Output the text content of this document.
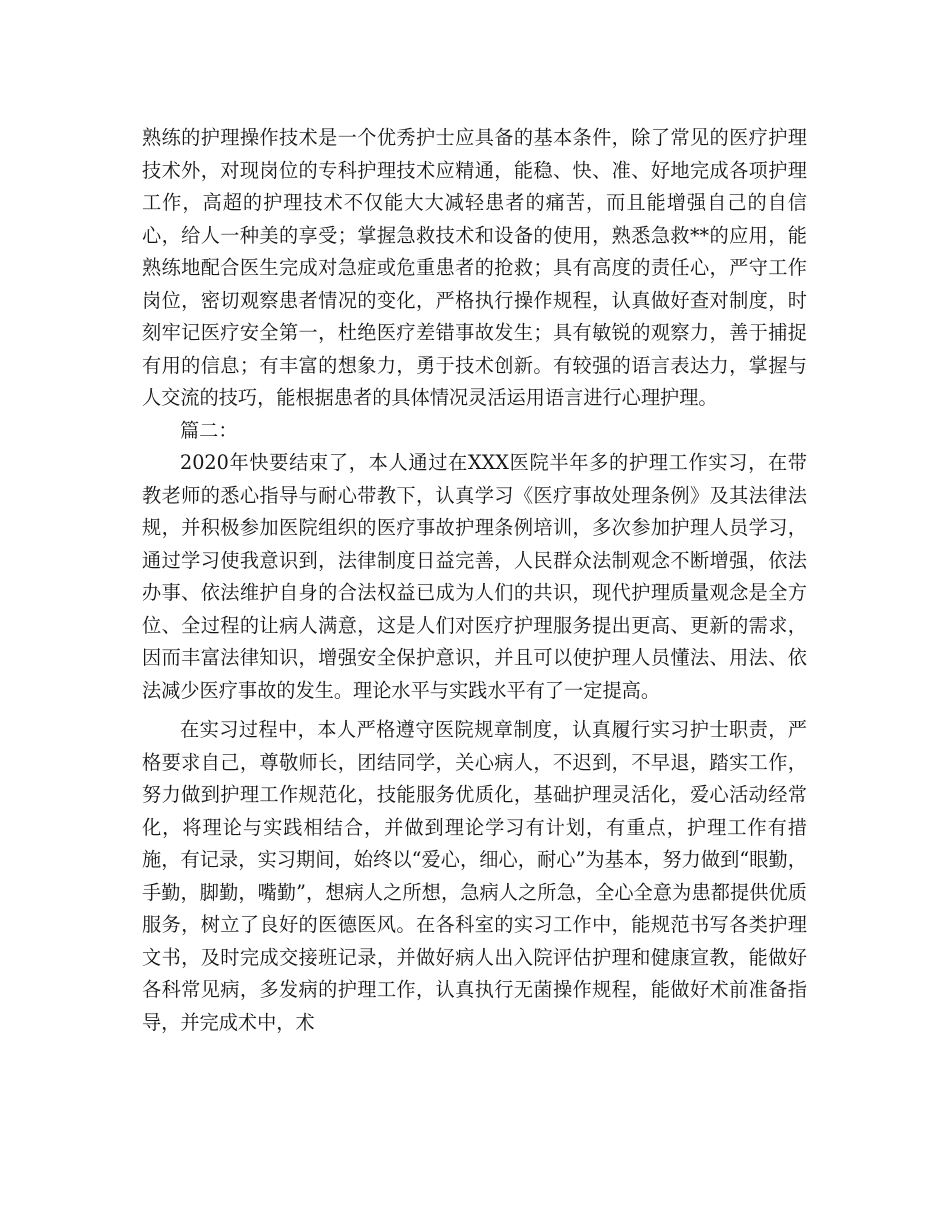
熟练的护理操作技术是一个优秀护士应具备的基本条件，除了常见的医疗护理技术外，对现岗位的专科护理技术应精通，能稳、快、准、好地完成各项护理工作，高超的护理技术不仅能大大减轻患者的痛苦，而且能增强自己的自信心，给人一种美的享受；掌握急救技术和设备的使用，熟悉急救**的应用，能熟练地配合医生完成对急症或危重患者的抢救；具有高度的责任心，严守工作岗位，密切观察患者情况的变化，严格执行操作规程，认真做好查对制度，时刻牢记医疗安全第一，杜绝医疗差错事故发生；具有敏锐的观察力，善于捕捉有用的信息；有丰富的想象力，勇于技术创新。有较强的语言表达力，掌握与人交流的技巧，能根据患者的具体情况灵活运用语言进行心理护理。

篇二：

2020年快要结束了，本人通过在XXX医院半年多的护理工作实习，在带教老师的悉心指导与耐心带教下，认真学习《医疗事故处理条例》及其法律法规，并积极参加医院组织的医疗事故护理条例培训，多次参加护理人员学习，通过学习使我意识到，法律制度日益完善，人民群众法制观念不断增强，依法办事、依法维护自身的合法权益已成为人们的共识，现代护理质量观念是全方位、全过程的让病人满意，这是人们对医疗护理服务提出更高、更新的需求，因而丰富法律知识，增强安全保护意识，并且可以使护理人员懂法、用法、依法减少医疗事故的发生。理论水平与实践水平有了一定提高。

在实习过程中，本人严格遵守医院规章制度，认真履行实习护士职责，严格要求自己，尊敬师长，团结同学，关心病人，不迟到，不早退，踏实工作，努力做到护理工作规范化，技能服务优质化，基础护理灵活化，爱心活动经常化，将理论与实践相结合，并做到理论学习有计划，有重点，护理工作有措施，有记录，实习期间，始终以“爱心，细心，耐心”为基本，努力做到“眼勤，手勤，脚勤，嘴勤”，想病人之所想，急病人之所急，全心全意为患都提供优质服务，树立了良好的医德医风。在各科室的实习工作中，能规范书写各类护理文书，及时完成交接班记录，并做好病人出入院评估护理和健康宣教，能做好各科常见病，多发病的护理工作，认真执行无菌操作规程，能做好术前准备指导，并完成术中，术
